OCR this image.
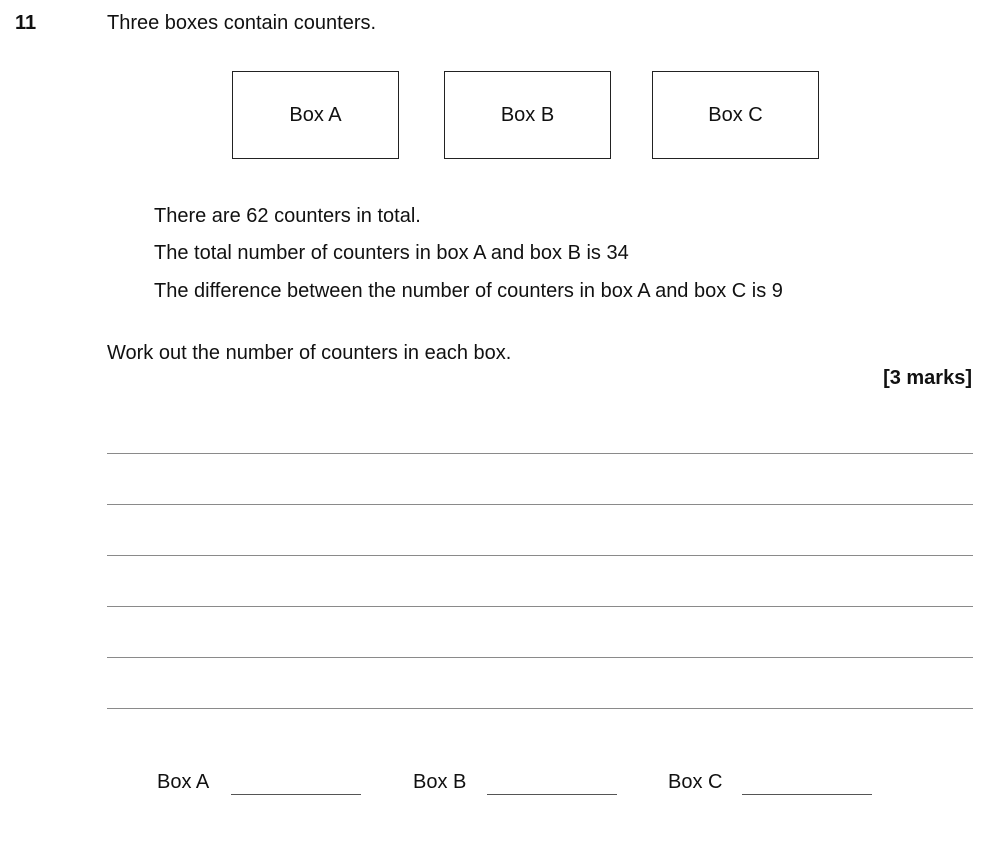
11	Three boxes contain counters.
Box A	Box B	Box C
There are 62 counters in total.
The total number of counters in box A and box B is 34
The difference between the number of counters in box A and box C is 9
Work out the number of counters in each box.
[3 marks]
Box A	Box B	Box C
